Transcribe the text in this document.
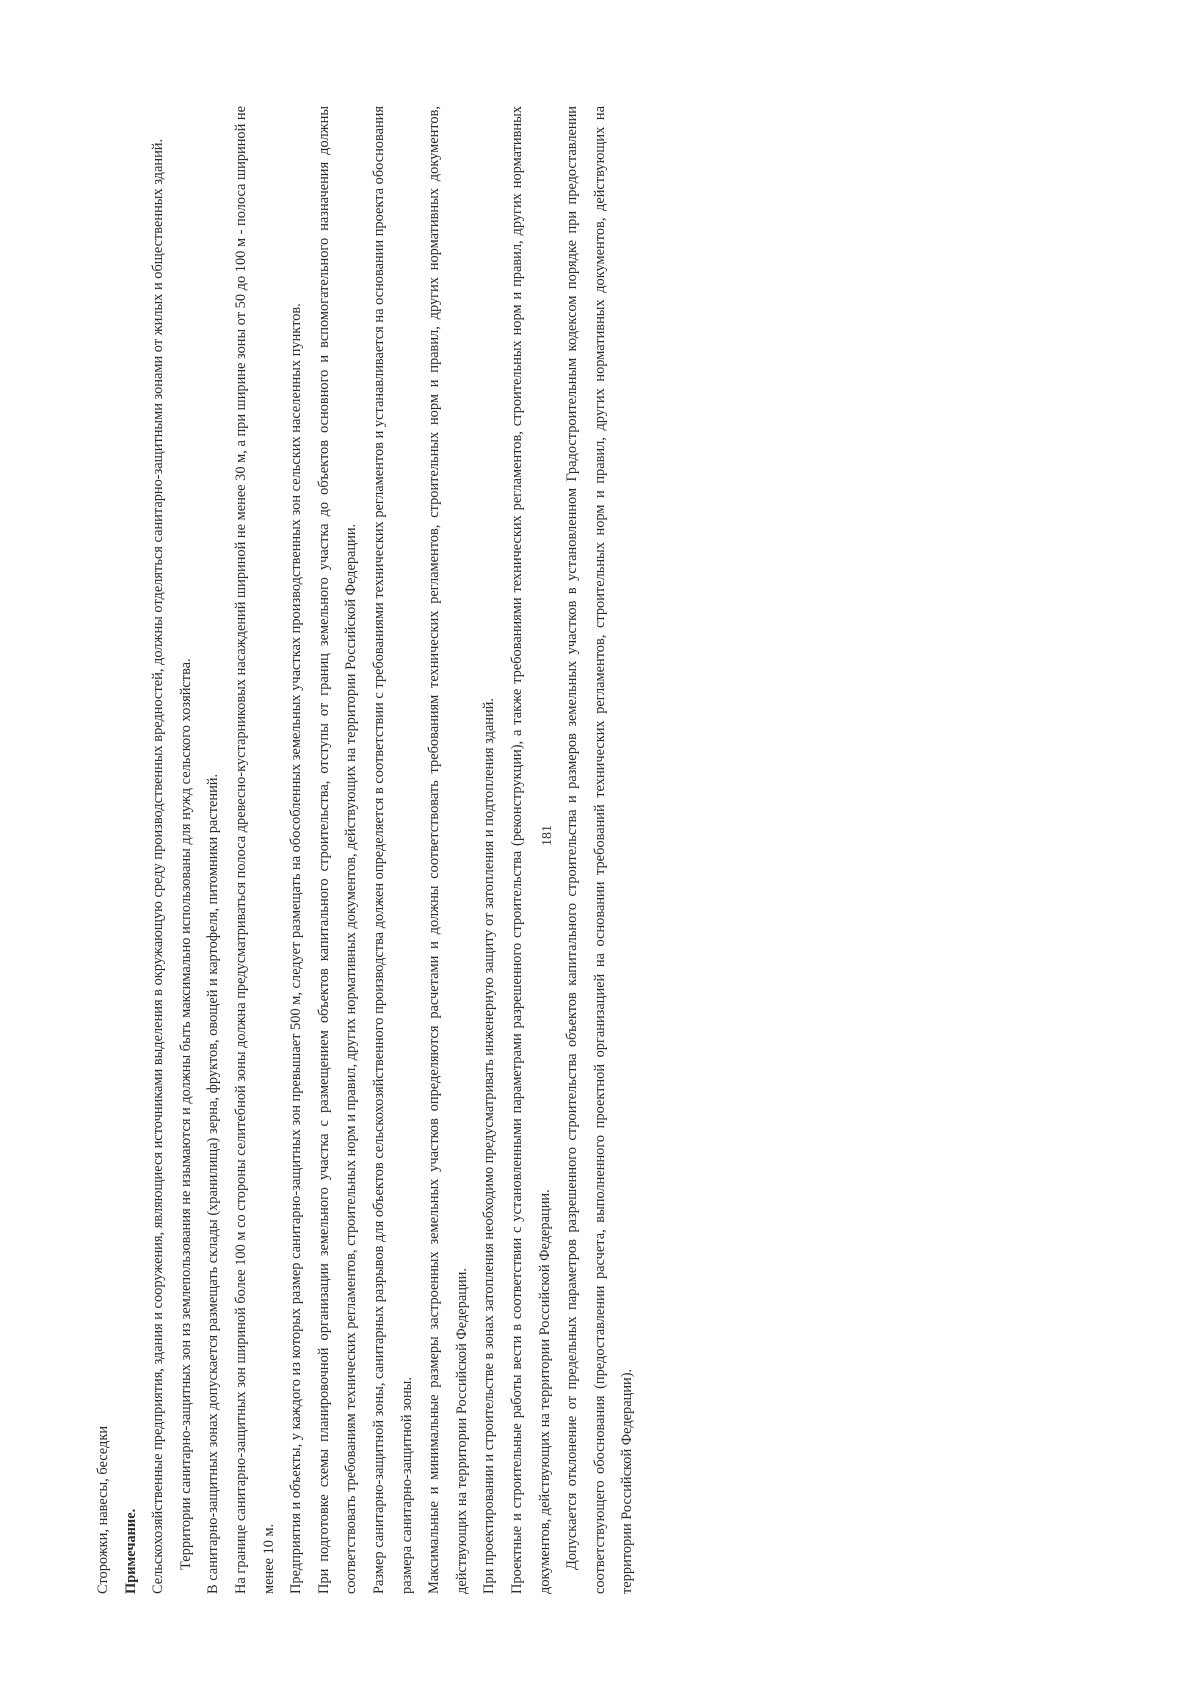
181

Сторожки, навесы, беседки Примечание. Сельскохозяйственные предприятия, здания и сооружения, являющиеся источниками выделения в окружающую среду производственных вредностей, должны отделяться санитарно-защитными зонами от жилых и общественных зданий. Территории санитарно-защитных зон из землепользования не изымаются и должны быть максимально использованы для нужд сельского хозяйства. В санитарно-защитных зонах допускается размещать склады (хранилища) зерна, фруктов, овощей и картофеля, питомники растений. На границе санитарно-защитных зон шириной более 100 м со стороны селитебной зоны должна предусматриваться полоса древесно-кустарниковых насаждений шириной не менее 30 м, а при ширине зоны от 50 до 100 м - полоса шириной не менее 10 м. Предприятия и объекты, у каждого из которых размер санитарно-защитных зон превышает 500 м, следует размещать на обособленных земельных участках производственных зон сельских населенных пунктов. При подготовке схемы планировочной организации земельного участка с размещением объектов капитального строительства, отступы от границ земельного участка до объектов основного и вспомогательного назначения должны соответствовать требованиям технических регламентов, строительных норм и правил, других нормативных документов, действующих на территории Российской Федерации. Размер санитарно-защитной зоны, санитарных разрывов для объектов сельскохозяйственного производства должен определяется в соответствии с требованиями технических регламентов и устанавливается на основании проекта обоснования размера санитарно-защитной зоны. Максимальные и минимальные размеры застроенных земельных участков определяются расчетами и должны соответствовать требованиям технических регламентов, строительных норм и правил, других нормативных документов, действующих на территории Российской Федерации. При проектировании и строительстве в зонах затопления необходимо предусматривать инженерную защиту от затопления и подтопления зданий. Проектные и строительные работы вести в соответствии с установленными параметрами разрешенного строительства (реконструкции), а также требованиями технических регламентов, строительных норм и правил, других нормативных документов, действующих на территории Российской Федерации. Допускается отклонение от предельных параметров разрешенного строительства объектов капитального строительства и размеров земельных участков в установленном Градостроительным кодексом порядке при предоставлении соответствующего обоснования (предоставлении расчета, выполненного проектной организацией на основании требований технических регламентов, строительных норм и правил, других нормативных документов, действующих на территории Российской Федерации).
